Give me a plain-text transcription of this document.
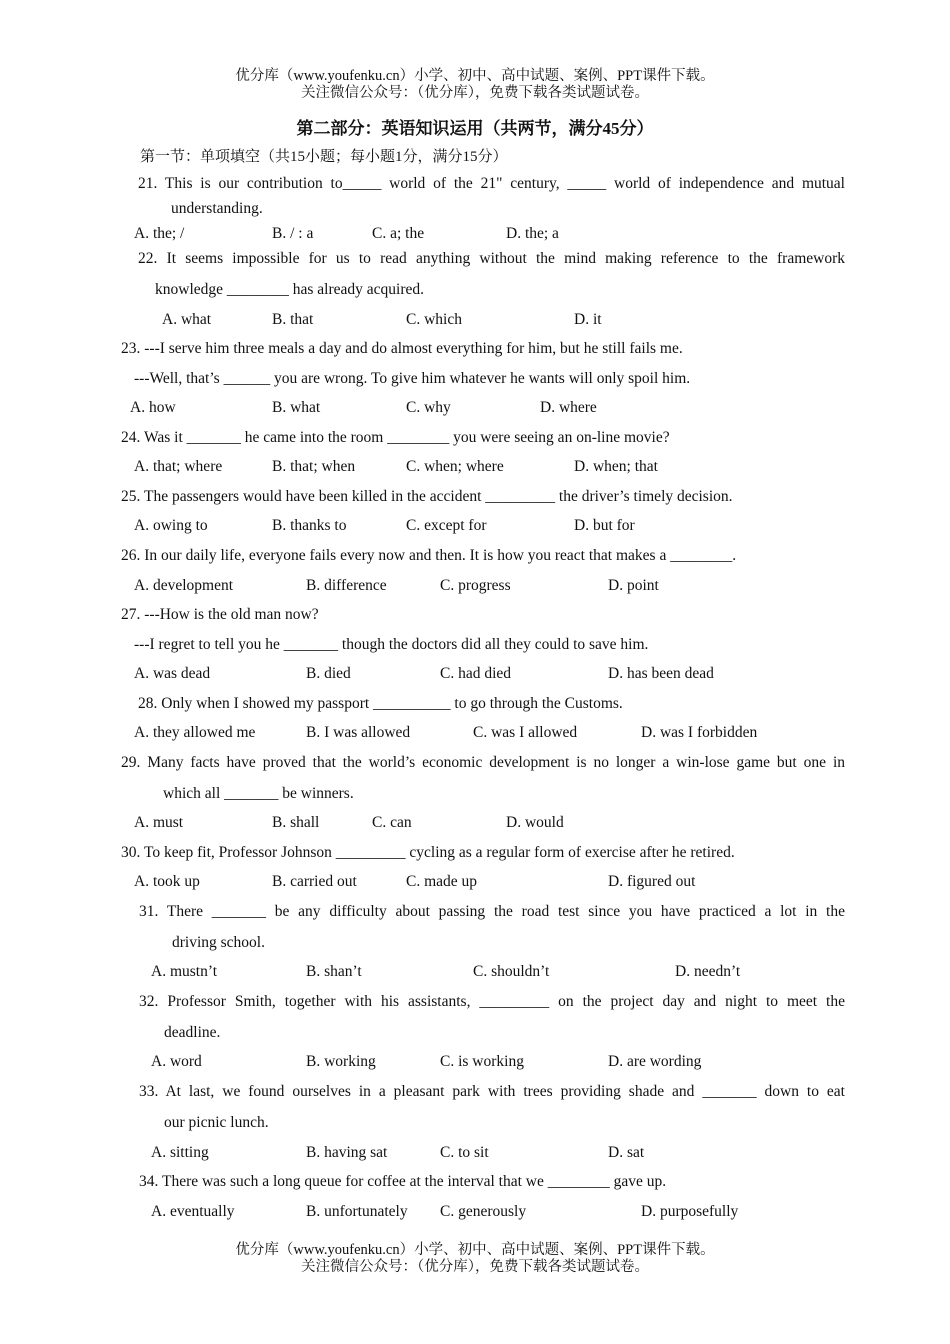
优分库（www.youfenku.cn）小学、初中、高中试题、案例、PPT课件下载。
关注微信公众号：（优分库），免费下载各类试题试卷。
第二部分：英语知识运用（共两节，满分45分）
第一节：单项填空（共15小题；每小题1分，满分15分）
21. This is our contribution to_____ world of the 21" century, _____ world of independence and mutual
understanding.
A. the; /	B. / : a	C. a; the	D. the; a
22. It seems impossible for us to read anything without the mind making reference to the framework
knowledge ________ has already acquired.
A. what	B. that	C. which	D. it
23. ---I serve him three meals a day and do almost everything for him, but he still fails me.
---Well, that’s ______ you are wrong. To give him whatever he wants will only spoil him.
A. how	B. what	C. why	D. where
24. Was it _______ he came into the room ________ you were seeing an on-line movie?
A. that; where	B. that; when	C. when; where	D. when; that
25. The passengers would have been killed in the accident _________ the driver’s timely decision.
A. owing to	B. thanks to	C. except for	D. but for
26. In our daily life, everyone fails every now and then. It is how you react that makes a ________.
A. development	B. difference	C. progress	D. point
27. ---How is the old man now?
---I regret to tell you he _______ though the doctors did all they could to save him.
A. was dead	B. died	C. had died	D. has been dead
28. Only when I showed my passport __________ to go through the Customs.
A. they allowed me	B. I was allowed	C. was I allowed	D. was I forbidden
29. Many facts have proved that the world’s economic development is no longer a win-lose game but one in
which all _______ be winners.
A. must	B. shall	C. can	D. would
30. To keep fit, Professor Johnson _________ cycling as a regular form of exercise after he retired.
A. took up	B. carried out	C. made up	D. figured out
31. There _______ be any difficulty about passing the road test since you have practiced a lot in the
driving school.
A. mustn’t	B. shan’t	C. shouldn’t	D. needn’t
32. Professor Smith, together with his assistants, _________ on the project day and night to meet the
deadline.
A. word	B. working	C. is working	D. are wording
33. At last, we found ourselves in a pleasant park with trees providing shade and _______ down to eat
our picnic lunch.
A. sitting	B. having sat	C. to sit	D. sat
34. There was such a long queue for coffee at the interval that we ________ gave up.
A. eventually	B. unfortunately C. generously	D. purposefully
优分库（www.youfenku.cn）小学、初中、高中试题、案例、PPT课件下载。
关注微信公众号：（优分库），免费下载各类试题试卷。
